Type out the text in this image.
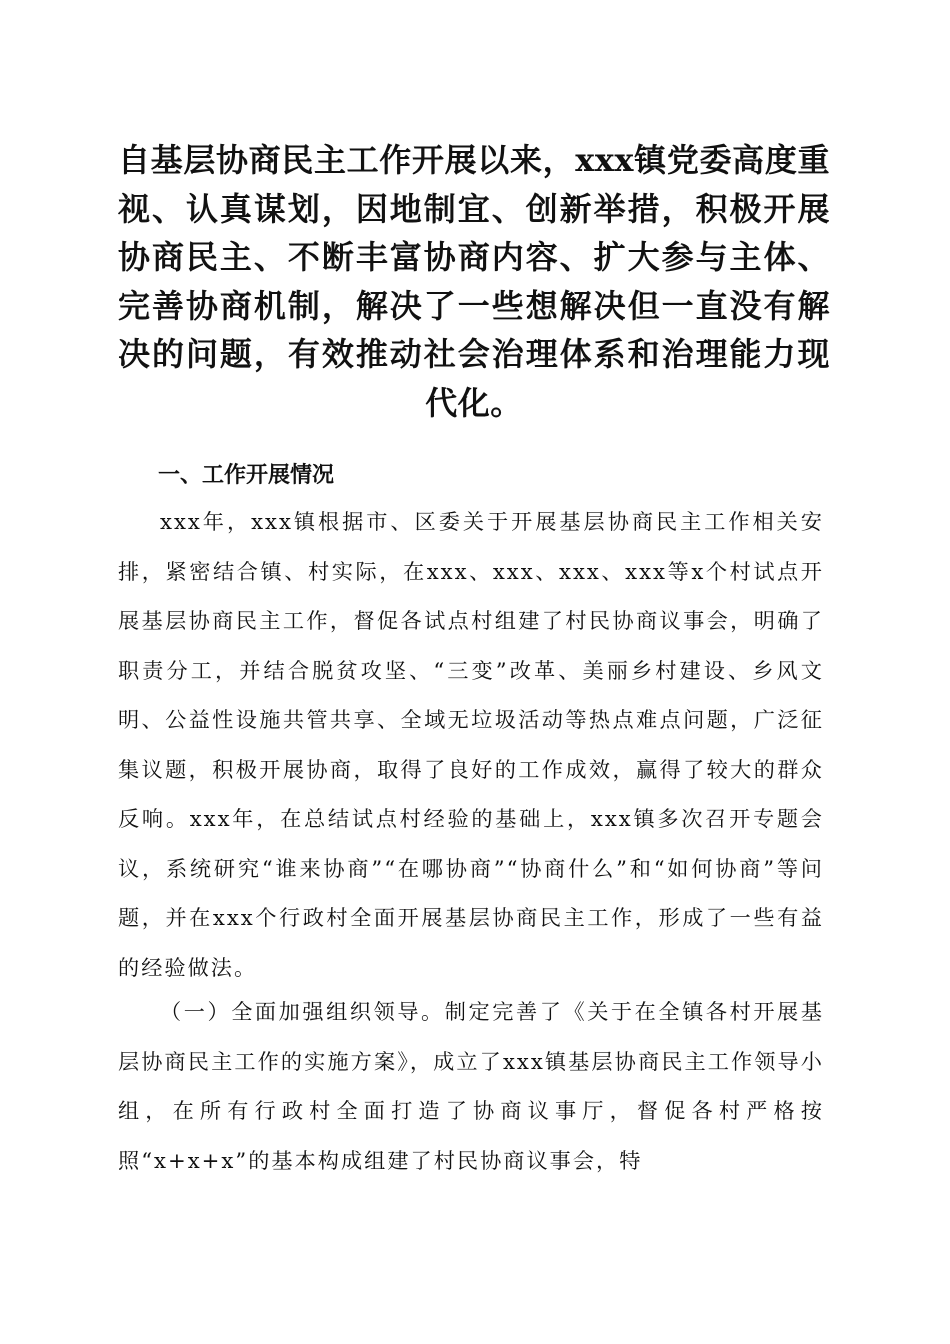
自基层协商民主工作开展以来，xxx镇党委高度重视、认真谋划，因地制宜、创新举措，积极开展协商民主、不断丰富协商内容、扩大参与主体、完善协商机制，解决了一些想解决但一直没有解决的问题，有效推动社会治理体系和治理能力现代化。
一、工作开展情况

xxx年，xxx镇根据市、区委关于开展基层协商民主工作相关安排，紧密结合镇、村实际，在xxx、xxx、xxx、xxx等x个村试点开展基层协商民主工作，督促各试点村组建了村民协商议事会，明确了职责分工，并结合脱贫攻坚、“三变”改革、美丽乡村建设、乡风文明、公益性设施共管共享、全域无垃圾活动等热点难点问题，广泛征集议题，积极开展协商，取得了良好的工作成效，赢得了较大的群众反响。xxx年，在总结试点村经验的基础上，xxx镇多次召开专题会议，系统研究“谁来协商”“在哪协商”“协商什么”和“如何协商”等问题，并在xxx个行政村全面开展基层协商民主工作，形成了一些有益的经验做法。

（一）全面加强组织领导。制定完善了《关于在全镇各村开展基层协商民主工作的实施方案》，成立了xxx镇基层协商民主工作领导小组，在所有行政村全面打造了协商议事厅，督促各村严格按照“x+x+x”的基本构成组建了村民协商议事会，特
